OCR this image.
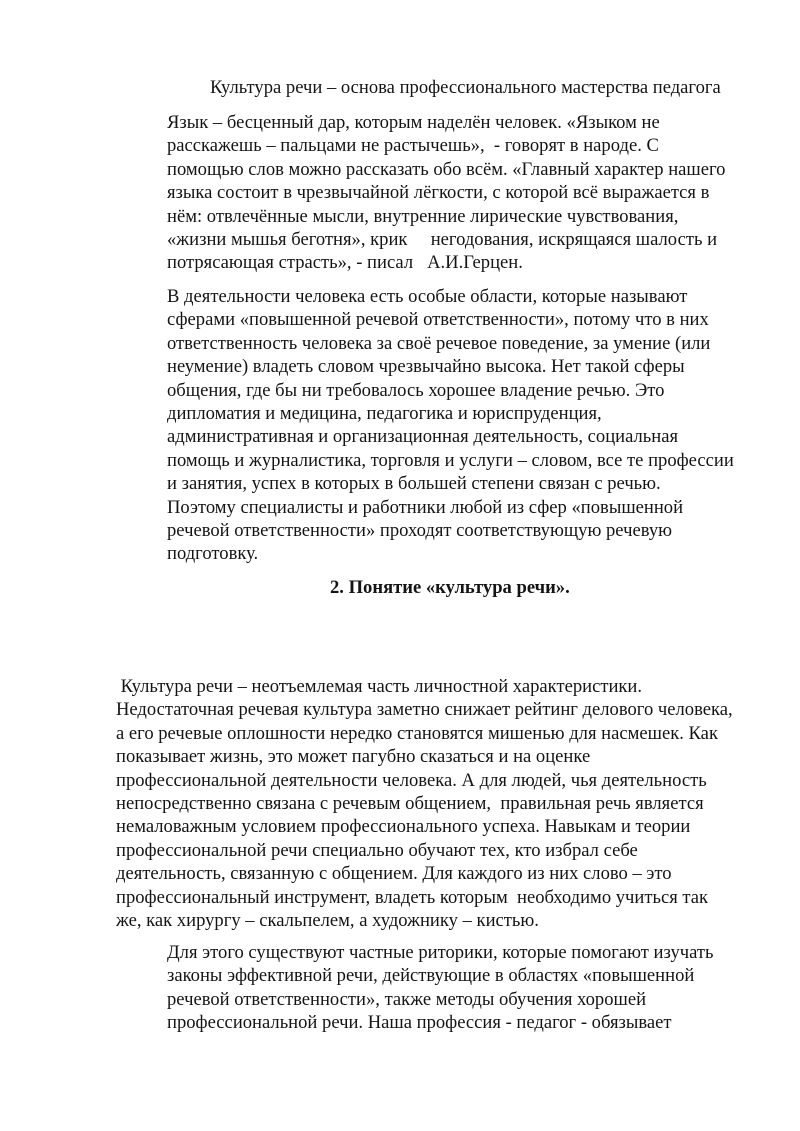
Культура речи – основа профессионального мастерства педагога

Язык – бесценный дар, которым наделён человек. «Языком не
расскажешь – пальцами не растычешь»,  - говорят в народе. С
помощью слов можно рассказать обо всём. «Главный характер нашего
языка состоит в чрезвычайной лёгкости, с которой всё выражается в
нём: отвлечённые мысли, внутренние лирические чувствования,
«жизни мышья беготня», крик     негодования, искрящаяся шалость и
потрясающая страсть», - писал   А.И.Герцен.

В деятельности человека есть особые области, которые называют
сферами «повышенной речевой ответственности», потому что в них
ответственность человека за своё речевое поведение, за умение (или
неумение) владеть словом чрезвычайно высока. Нет такой сферы
общения, где бы ни требовалось хорошее владение речью. Это
дипломатия и медицина, педагогика и юриспруденция,
административная и организационная деятельность, социальная
помощь и журналистика, торговля и услуги – словом, все те профессии
и занятия, успех в которых в большей степени связан с речью.
Поэтому специалисты и работники любой из сфер «повышенной
речевой ответственности» проходят соответствующую речевую
подготовку.

2. Понятие «культура речи».

Культура речи – неотъемлемая часть личностной характеристики.
Недостаточная речевая культура заметно снижает рейтинг делового человека,
а его речевые оплошности нередко становятся мишенью для насмешек. Как
показывает жизнь, это может пагубно сказаться и на оценке
профессиональной деятельности человека. А для людей, чья деятельность
непосредственно связана с речевым общением,  правильная речь является
немаловажным условием профессионального успеха. Навыкам и теории
профессиональной речи специально обучают тех, кто избрал себе
деятельность, связанную с общением. Для каждого из них слово – это
профессиональный инструмент, владеть которым  необходимо учиться так
же, как хирургу – скальпелем, а художнику – кистью.

Для этого существуют частные риторики, которые помогают изучать
законы эффективной речи, действующие в областях «повышенной
речевой ответственности», также методы обучения хорошей
профессиональной речи. Наша профессия - педагог - обязывает
